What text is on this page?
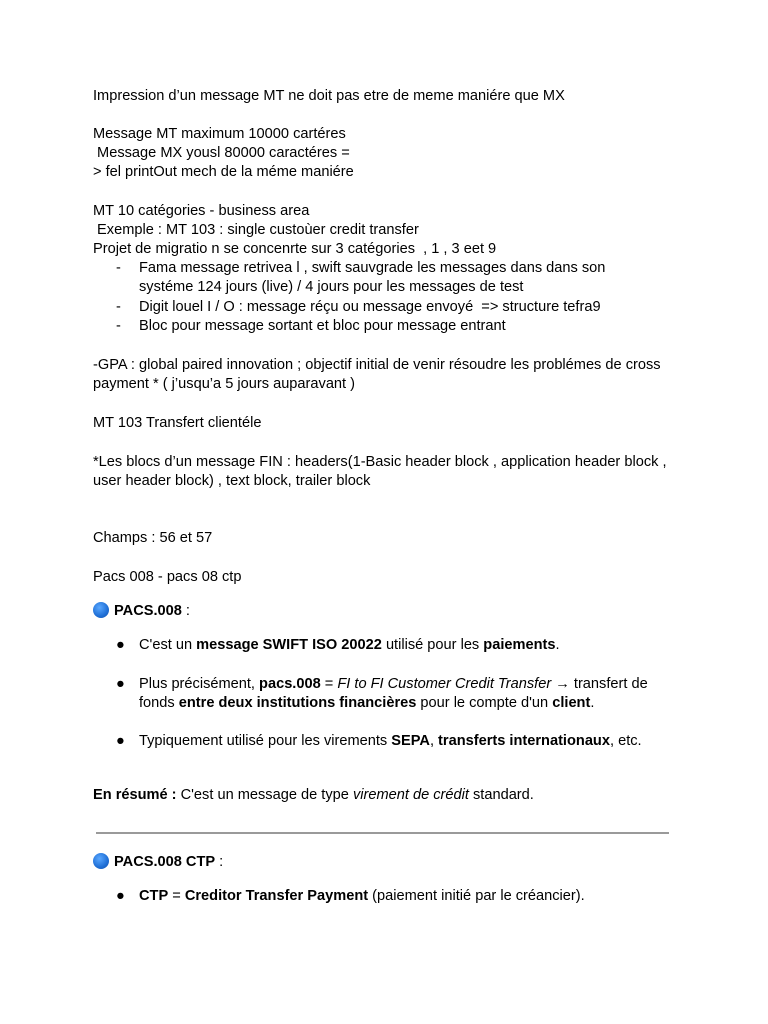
Impression d’un message MT ne doit pas etre de meme maniére que MX
Message MT maximum 10000 cartéres
Message MX yousl 80000 caractéres =
> fel printOut mech de la méme maniére
MT 10 catégories - business area
Exemple : MT 103 : single custoùer credit transfer
Projet de migratio n se concenrte sur 3 catégories  , 1 , 3 eet 9
- Fama message retrivea l , swift sauvgrade les messages dans dans son systéme 124 jours (live) / 4 jours pour les messages de test
- Digit louel I / O : message réçu ou message envoyé  => structure tefra9
- Bloc pour message sortant et bloc pour message entrant
-GPA : global paired innovation ; objectif initial de venir résoudre les problémes de cross payment * ( j’usqu’a 5 jours auparavant )
MT 103 Transfert clientéle
*Les blocs d’un message FIN : headers(1-Basic header block , application header block , user header block) , text block, trailer block
Champs : 56 et 57
Pacs 008 - pacs 08 ctp
PACS.008 :
● C'est un message SWIFT ISO 20022 utilisé pour les paiements.
● Plus précisément, pacs.008 = FI to FI Customer Credit Transfer → transfert de fonds entre deux institutions financières pour le compte d'un client.
● Typiquement utilisé pour les virements SEPA, transferts internationaux, etc.
En résumé : C'est un message de type virement de crédit standard.
PACS.008 CTP :
● CTP = Creditor Transfer Payment (paiement initié par le créancier).
